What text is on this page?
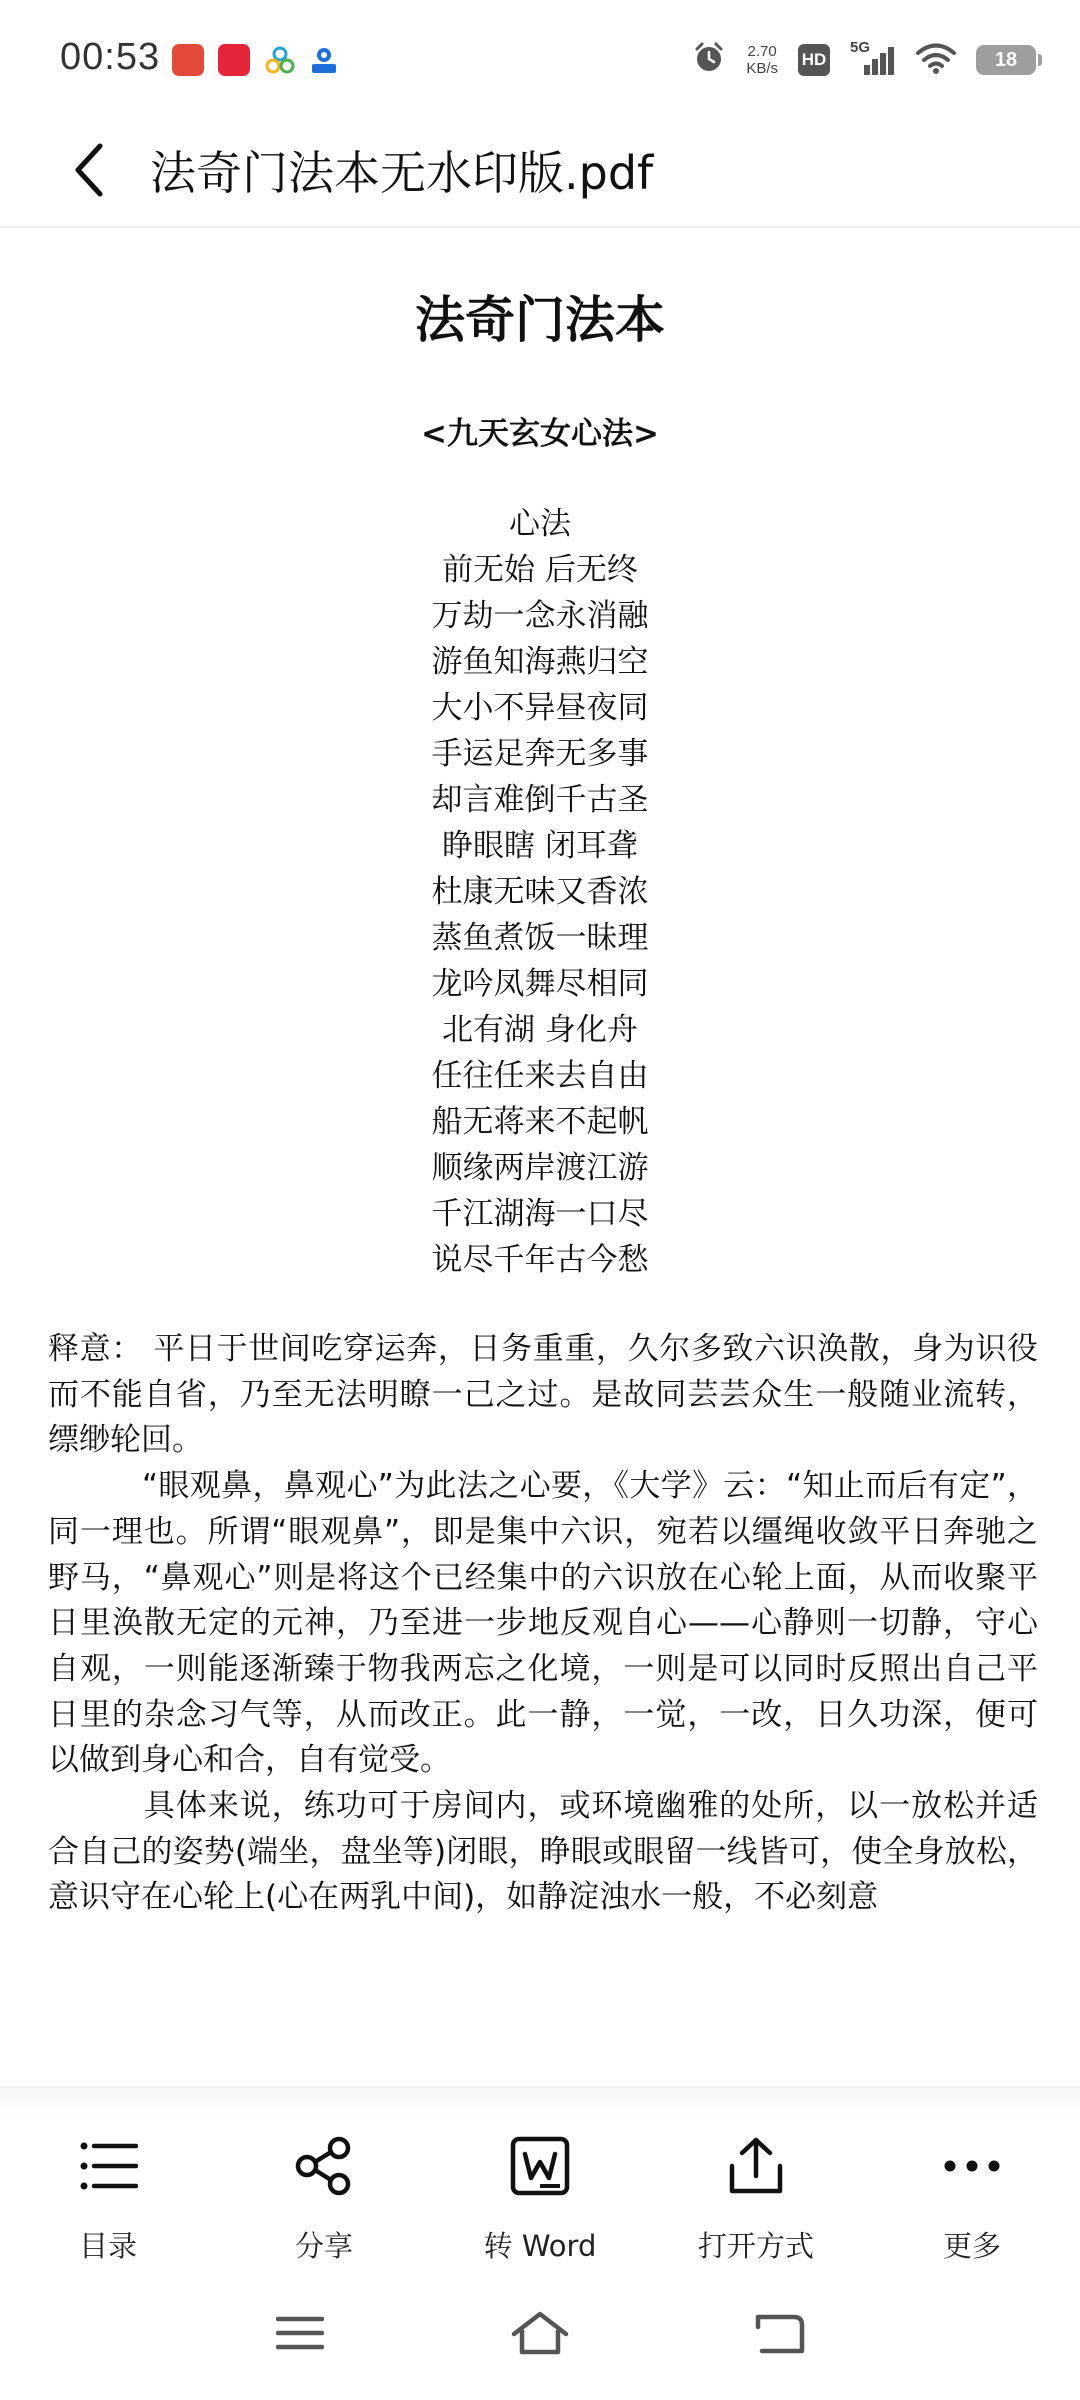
00:53	2.70
KB/s HD
5G
18
法奇门法本无水印版.pdf
法奇门法本
<九天玄女心法>
心法
前无始 后无终
万劫一念永消融
游鱼知海燕归空
大小不异昼夜同
手运足奔无多事
却言难倒千古圣
睁眼瞎 闭耳聋
杜康无味又香浓
蒸鱼煮饭一昧理
龙吟凤舞尽相同
北有湖 身化舟
任往任来去自由
船无蒋来不起帆
顺缘两岸渡江游
千江湖海一口尽
说尽千年古今愁

释意： 平日于世间吃穿运奔，日务重重，久尔多致六识涣散，身为识役而不能自省，乃至无法明瞭一己之过。是故同芸芸众生一般随业流转，缥缈轮回。

　　　“眼观鼻，鼻观心”为此法之心要，《大学》云：“知止而后有定”，同一理也。所谓“眼观鼻”，即是集中六识，宛若以缰绳收敛平日奔驰之野马，“鼻观心”则是将这个已经集中的六识放在心轮上面，从而收聚平日里涣散无定的元神，乃至进一步地反观自心——心静则一切静，守心自观，一则能逐渐臻于物我两忘之化境，一则是可以同时反照出自己平日里的杂念习气等，从而改正。此一静，一觉，一改，日久功深，便可以做到身心和合，自有觉受。

　　　具体来说，练功可于房间内，或环境幽雅的处所，以一放松并适合自己的姿势(端坐，盘坐等)闭眼，睁眼或眼留一线皆可，使全身放松，意识守在心轮上(心在两乳中间)，如静淀浊水一般，不必刻意

目录	分享	转 Word	打开方式	更多
